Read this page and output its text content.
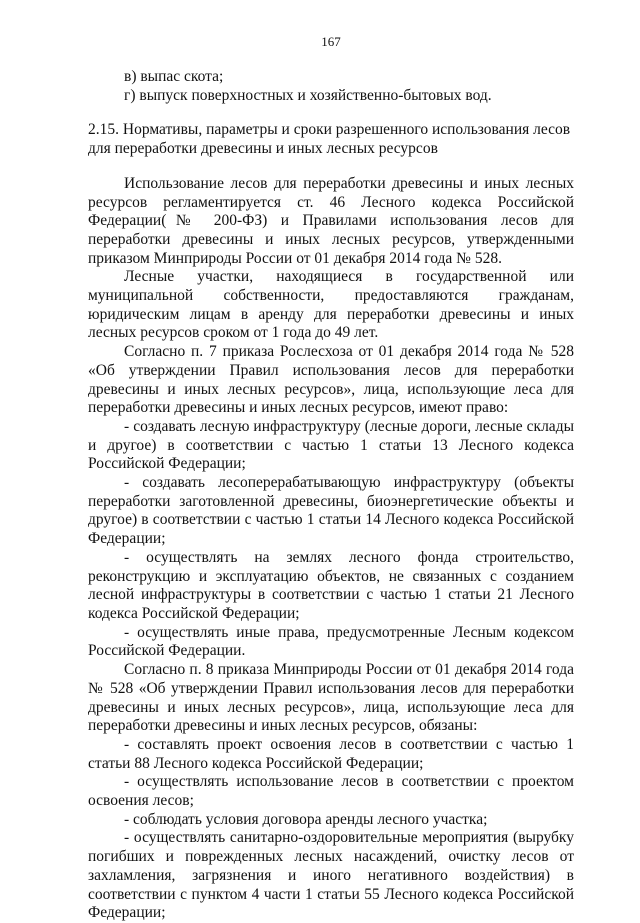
167

в) выпас скота;

г) выпуск поверхностных и хозяйственно-бытовых вод.

2.15. Нормативы, параметры и сроки разрешенного использования лесов
для переработки древесины и иных лесных ресурсов

Использование лесов для переработки древесины и иных лесных ресурсов регламентируется ст. 46 Лесного кодекса Российской Федерации(№ 200-ФЗ) и Правилами использования лесов для переработки древесины и иных лесных ресурсов, утвержденными приказом Минприроды России от 01 декабря 2014 года № 528.

Лесные участки, находящиеся в государственной или муниципальной собственности, предоставляются гражданам, юридическим лицам в аренду для переработки древесины и иных лесных ресурсов сроком от 1 года до 49 лет.

Согласно п. 7 приказа Рослесхоза от 01 декабря 2014 года № 528 «Об утверждении Правил использования лесов для переработки древесины и иных лесных ресурсов», лица, использующие леса для переработки древесины и иных лесных ресурсов, имеют право:

- создавать лесную инфраструктуру (лесные дороги, лесные склады и другое) в соответствии с частью 1 статьи 13 Лесного кодекса Российской Федерации;

- создавать лесоперерабатывающую инфраструктуру (объекты переработки заготовленной древесины, биоэнергетические объекты и другое) в соответствии с частью 1 статьи 14 Лесного кодекса Российской Федерации;

- осуществлять на землях лесного фонда строительство, реконструкцию и эксплуатацию объектов, не связанных с созданием лесной инфраструктуры в соответствии с частью 1 статьи 21 Лесного кодекса Российской Федерации;

- осуществлять иные права, предусмотренные Лесным кодексом Российской Федерации.

Согласно п. 8 приказа Минприроды России от 01 декабря 2014 года № 528 «Об утверждении Правил использования лесов для переработки древесины и иных лесных ресурсов», лица, использующие леса для переработки древесины и иных лесных ресурсов, обязаны:

- составлять проект освоения лесов в соответствии с частью 1 статьи 88 Лесного кодекса Российской Федерации;

- осуществлять использование лесов в соответствии с проектом освоения лесов;

- соблюдать условия договора аренды лесного участка;

- осуществлять санитарно-оздоровительные мероприятия (вырубку погибших и поврежденных лесных насаждений, очистку лесов от захламления, загрязнения и иного негативного воздействия) в соответствии с пунктом 4 части 1 статьи 55 Лесного кодекса Российской Федерации;
